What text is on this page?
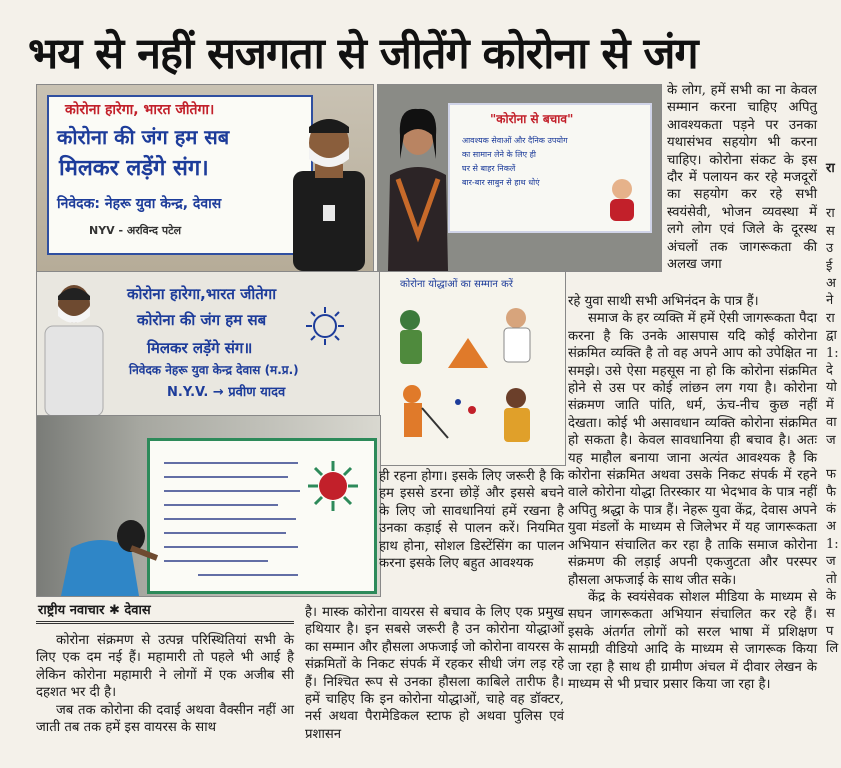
भय से नहीं सजगता से जीतेंगे कोरोना से जंग
कोरोना हारेगा, भारत जीतेगा।
कोरोना की जंग हम सब
मिलकर लड़ेंगे संग।
निवेदक: नेहरू युवा केन्द्र, देवास
NYV - अरविन्द पटेल
"कोरोना से बचाव"
आवश्यक सेवाओं और दैनिक उपयोग
का सामान लेने के लिए ही
घर से बाहर निकलें
बार-बार साबुन से हाथ धोएं
कोरोना हारेगा,भारत जीतेगा
कोरोना की जंग हम सब
मिलकर लड़ेंगे संग॥
निवेदक नेहरू युवा केन्द्र देवास (म.प्र.)
N.Y.V. → प्रवीण यादव
कोरोना योद्धाओं का सम्मान करें
राष्ट्रीय नवाचार ✱ देवास

कोरोना संक्रमण से उत्पन्न परिस्थितियां सभी के लिए एक दम नई हैं। महामारी तो पहले भी आई है लेकिन कोरोना महामारी ने लोगों में एक अजीब सी दहशत भर दी है।

जब तक कोरोना की दवाई अथवा वैक्सीन नहीं आ जाती तब तक हमें इस वायरस के साथ

ही रहना होगा। इसके लिए जरूरी है कि हम इससे डरना छोड़ें और इससे बचने के लिए जो सावधानियां हमें रखना है उनका कड़ाई से पालन करें। नियमित हाथ होना, सोशल डिस्टेंसिंग का पालन करना इसके लिए बहुत आवश्यक

है। मास्क कोरोना वायरस से बचाव के लिए एक प्रमुख हथियार है। इन सबसे जरूरी है उन कोरोना योद्धाओं का सम्मान और हौसला अफजाई जो कोरोना वायरस के संक्रमितों के निकट संपर्क में रहकर सीधी जंग लड़ रहे हैं। निश्चित रूप से उनका हौसला काबिले तारीफ है। हमें चाहिए कि इन कोरोना योद्धाओं, चाहे वह डॉक्टर, नर्स अथवा पैरामेडिकल स्टाफ हो अथवा पुलिस एवं प्रशासन

के लोग, हमें सभी का ना केवल सम्मान करना चाहिए अपितु आवश्यकता पड़ने पर उनका यथासंभव सहयोग भी करना चाहिए। कोरोना संकट के इस दौर में पलायन कर रहे मजदूरों का सहयोग कर रहे सभी स्वयंसेवी, भोजन व्यवस्था में लगे लोग एवं जिले के दूरस्थ अंचलों तक जागरूकता की अलख जगा

रहे युवा साथी सभी अभिनंदन के पात्र हैं।

समाज के हर व्यक्ति में हमें ऐसी जागरूकता पैदा करना है कि उनके आसपास यदि कोई कोरोना संक्रमित व्यक्ति है तो वह अपने आप को उपेक्षित ना समझे। उसे ऐसा महसूस ना हो कि कोरोना संक्रमित होने से उस पर कोई लांछन लग गया है। कोरोना संक्रमण जाति पांति, धर्म, ऊंच-नीच कुछ नहीं देखता। कोई भी असावधान व्यक्ति कोरोना संक्रमित हो सकता है। केवल सावधानिया ही बचाव है। अतः यह माहौल बनाया जाना अत्यंत आवश्यक है कि कोरोना संक्रमित अथवा उसके निकट संपर्क में रहने वाले कोरोना योद्धा तिरस्कार या भेदभाव के पात्र नहीं अपितु श्रद्धा के पात्र हैं। नेहरू युवा केंद्र, देवास अपने युवा मंडलों के माध्यम से जिलेभर में यह जागरूकता अभियान संचालित कर रहा है ताकि समाज कोरोना संक्रमण की लड़ाई अपनी एकजुटता और परस्पर हौसला अफजाई के साथ जीत सके।

केंद्र के स्वयंसेवक सोशल मीडिया के माध्यम से सघन जागरूकता अभियान संचालित कर रहे हैं। इसके अंतर्गत लोगों को सरल भाषा में प्रशिक्षण सामग्री वीडियो आदि के माध्यम से जागरूक किया जा रहा है साथ ही ग्रामीण अंचल में दीवार लेखन के माध्यम से भी प्रचार प्रसार किया जा रहा है।

रा
रा
स
उ
ई
अ
ने
रा
द्वा
1:
दे
यो
में
वा
ज
फ
फै
कं
अ
1:
ज
तो
के
स
प
लि
